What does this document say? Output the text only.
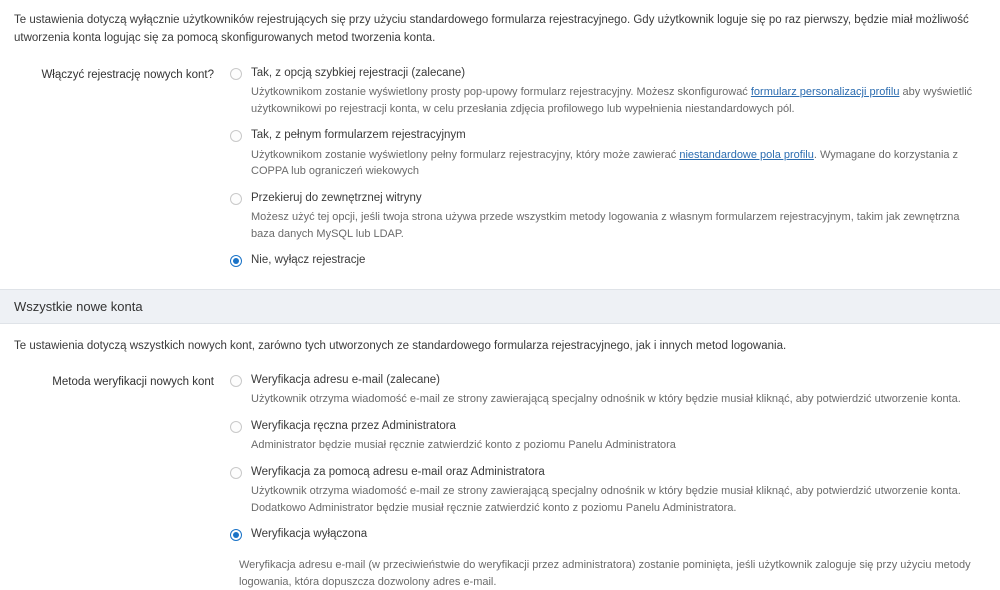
Te ustawienia dotyczą wyłącznie użytkowników rejestrujących się przy użyciu standardowego formularza rejestracyjnego. Gdy użytkownik loguje się po raz pierwszy, będzie miał możliwość utworzenia konta logując się za pomocą skonfigurowanych metod tworzenia konta.
Włączyć rejestrację nowych kont?	Tak, z opcją szybkiej rejestracji (zalecane)
Użytkownikom zostanie wyświetlony prosty pop-upowy formularz rejestracyjny. Możesz skonfigurować formularz personalizacji profilu aby wyświetlić użytkownikowi po rejestracji konta, w celu przesłania zdjęcia profilowego lub wypełnienia niestandardowych pól.
Tak, z pełnym formularzem rejestracyjnym
Użytkownikom zostanie wyświetlony pełny formularz rejestracyjny, który może zawierać niestandardowe pola profilu. Wymagane do korzystania z COPPA lub ograniczeń wiekowych
Przekieruj do zewnętrznej witryny
Możesz użyć tej opcji, jeśli twoja strona używa przede wszystkim metody logowania z własnym formularzem rejestracyjnym, takim jak zewnętrzna baza danych MySQL lub LDAP.
Nie, wyłącz rejestracje
Wszystkie nowe konta
Te ustawienia dotyczą wszystkich nowych kont, zarówno tych utworzonych ze standardowego formularza rejestracyjnego, jak i innych metod logowania.
Metoda weryfikacji nowych kont	Weryfikacja adresu e-mail (zalecane)
Użytkownik otrzyma wiadomość e-mail ze strony zawierającą specjalny odnośnik w który będzie musiał kliknąć, aby potwierdzić utworzenie konta.
Weryfikacja ręczna przez Administratora
Administrator będzie musiał ręcznie zatwierdzić konto z poziomu Panelu Administratora
Weryfikacja za pomocą adresu e-mail oraz Administratora
Użytkownik otrzyma wiadomość e-mail ze strony zawierającą specjalny odnośnik w który będzie musiał kliknąć, aby potwierdzić utworzenie konta. Dodatkowo Administrator będzie musiał ręcznie zatwierdzić konto z poziomu Panelu Administratora.
Weryfikacja wyłączona
Weryfikacja adresu e-mail (w przeciwieństwie do weryfikacji przez administratora) zostanie pominięta, jeśli użytkownik zaloguje się przy użyciu metody logowania, która dopuszcza dozwolony adres e-mail.
